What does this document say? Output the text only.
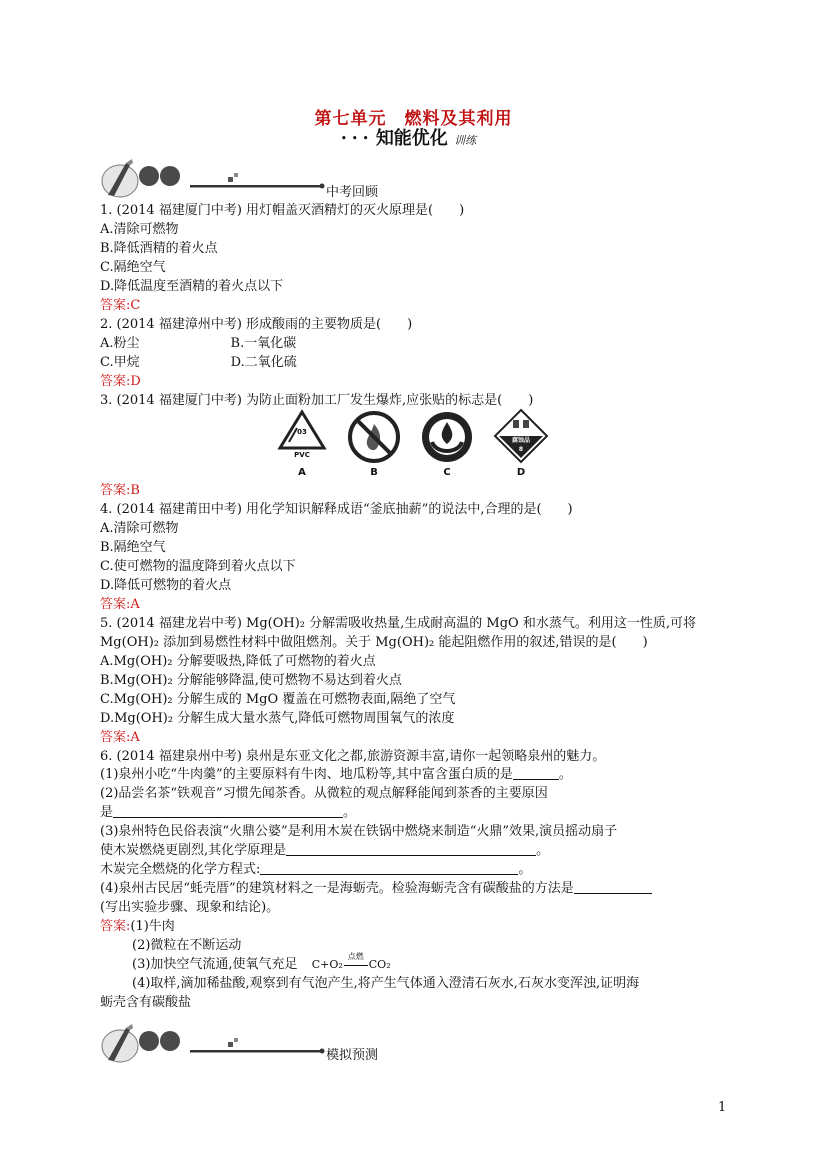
第七单元　燃料及其利用
• • • 知能优化 训练
中考回顾
1. (2014 福建厦门中考) 用灯帽盖灭酒精灯的灭火原理是(　　)
A.清除可燃物
B.降低酒精的着火点
C.隔绝空气
D.降低温度至酒精的着火点以下
答案:C
2. (2014 福建漳州中考) 形成酸雨的主要物质是(　　)
A.粉尘　　　　　　　B.一氧化碳
C.甲烷　　　　　　　D.二氧化硫
答案:D
3. (2014 福建厦门中考) 为防止面粉加工厂发生爆炸,应张贴的标志是(　　)
03
PVC
腐蚀品
8
A	B	C	D
答案:B
4. (2014 福建莆田中考) 用化学知识解释成语“釜底抽薪”的说法中,合理的是(　　)
A.清除可燃物
B.隔绝空气
C.使可燃物的温度降到着火点以下
D.降低可燃物的着火点
答案:A
5. (2014 福建龙岩中考) Mg(OH)₂ 分解需吸收热量,生成耐高温的 MgO 和水蒸气。利用这一性质,可将
Mg(OH)₂ 添加到易燃性材料中做阻燃剂。关于 Mg(OH)₂ 能起阻燃作用的叙述,错误的是(　　)
A.Mg(OH)₂ 分解要吸热,降低了可燃物的着火点
B.Mg(OH)₂ 分解能够降温,使可燃物不易达到着火点
C.Mg(OH)₂ 分解生成的 MgO 覆盖在可燃物表面,隔绝了空气
D.Mg(OH)₂ 分解生成大量水蒸气,降低可燃物周围氧气的浓度
答案:A
6. (2014 福建泉州中考) 泉州是东亚文化之都,旅游资源丰富,请你一起领略泉州的魅力。
(1)泉州小吃“牛肉羹”的主要原料有牛肉、地瓜粉等,其中富含蛋白质的是	。
(2)品尝名茶“铁观音”习惯先闻茶香。从微粒的观点解释能闻到茶香的主要原因
是	。
(3)泉州特色民俗表演“火鼎公婆”是利用木炭在铁锅中燃烧来制造“火鼎”效果,演员摇动扇子
使木炭燃烧更剧烈,其化学原理是	。
木炭完全燃烧的化学方程式:	。
(4)泉州古民居“蚝壳厝”的建筑材料之一是海蛎壳。检验海蛎壳含有碳酸盐的方法是
(写出实验步骤、现象和结论)。
答案:(1)牛肉
(2)微粒在不断运动
(3)加快空气流通,使氧气充足 C+O₂
点燃
CO₂
(4)取样,滴加稀盐酸,观察到有气泡产生,将产生气体通入澄清石灰水,石灰水变浑浊,证明海
蛎壳含有碳酸盐
模拟预测
1
